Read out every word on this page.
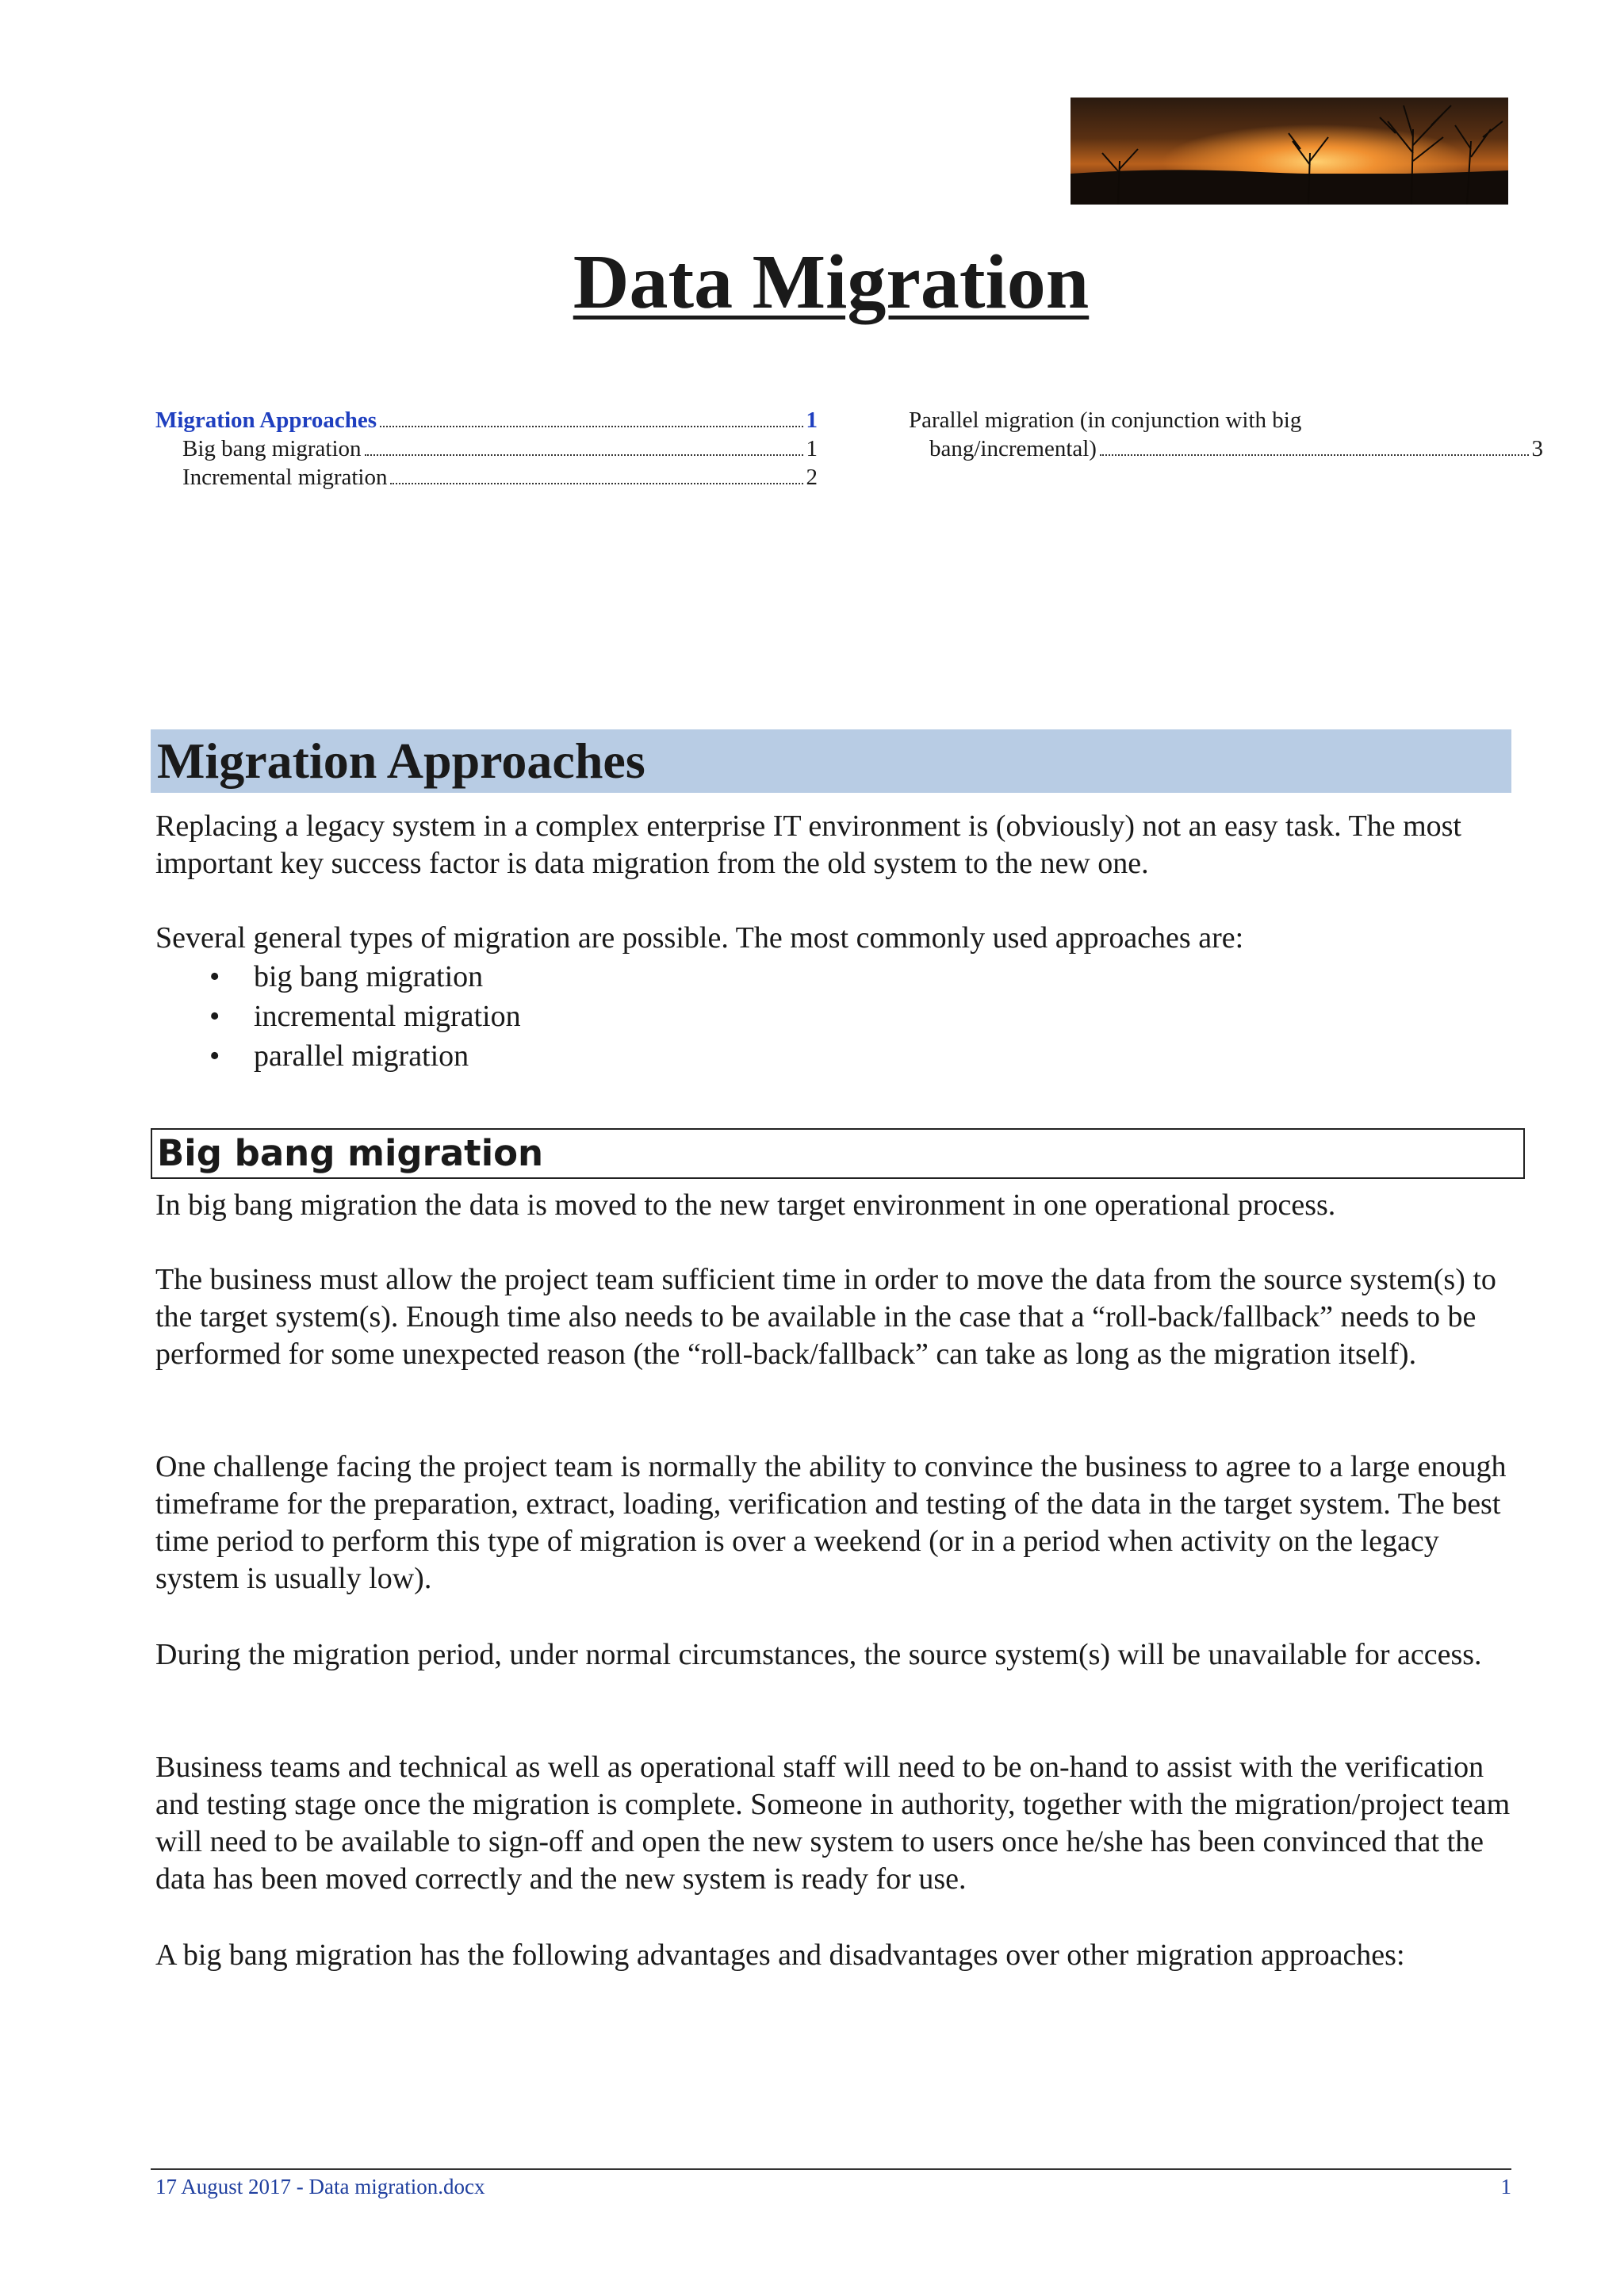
Data Migration
Migration Approaches	1
Big bang migration	1
Incremental migration	2
Parallel migration (in conjunction with big
bang/incremental)	3
Migration Approaches

Replacing a legacy system in a complex enterprise IT environment is (obviously) not an easy task. The most important key success factor is data migration from the old system to the new one.

Several general types of migration are possible. The most commonly used approaches are:

• big bang migration
• incremental migration
• parallel migration
Big bang migration

In big bang migration the data is moved to the new target environment in one operational process.

The business must allow the project team sufficient time in order to move the data from the source system(s) to the target system(s). Enough time also needs to be available in the case that a “roll-back/fallback” needs to be performed for some unexpected reason (the “roll-back/fallback” can take as long as the migration itself).

One challenge facing the project team is normally the ability to convince the business to agree to a large enough timeframe for the preparation, extract, loading, verification and testing of the data in the target system. The best time period to perform this type of migration is over a weekend (or in a period when activity on the legacy system is usually low).

During the migration period, under normal circumstances, the source system(s) will be unavailable for access.

Business teams and technical as well as operational staff will need to be on-hand to assist with the verification and testing stage once the migration is complete. Someone in authority, together with the migration/project team will need to be available to sign-off and open the new system to users once he/she has been convinced that the data has been moved correctly and the new system is ready for use.

A big bang migration has the following advantages and disadvantages over other migration approaches:

17 August 2017 - Data migration.docx	1
